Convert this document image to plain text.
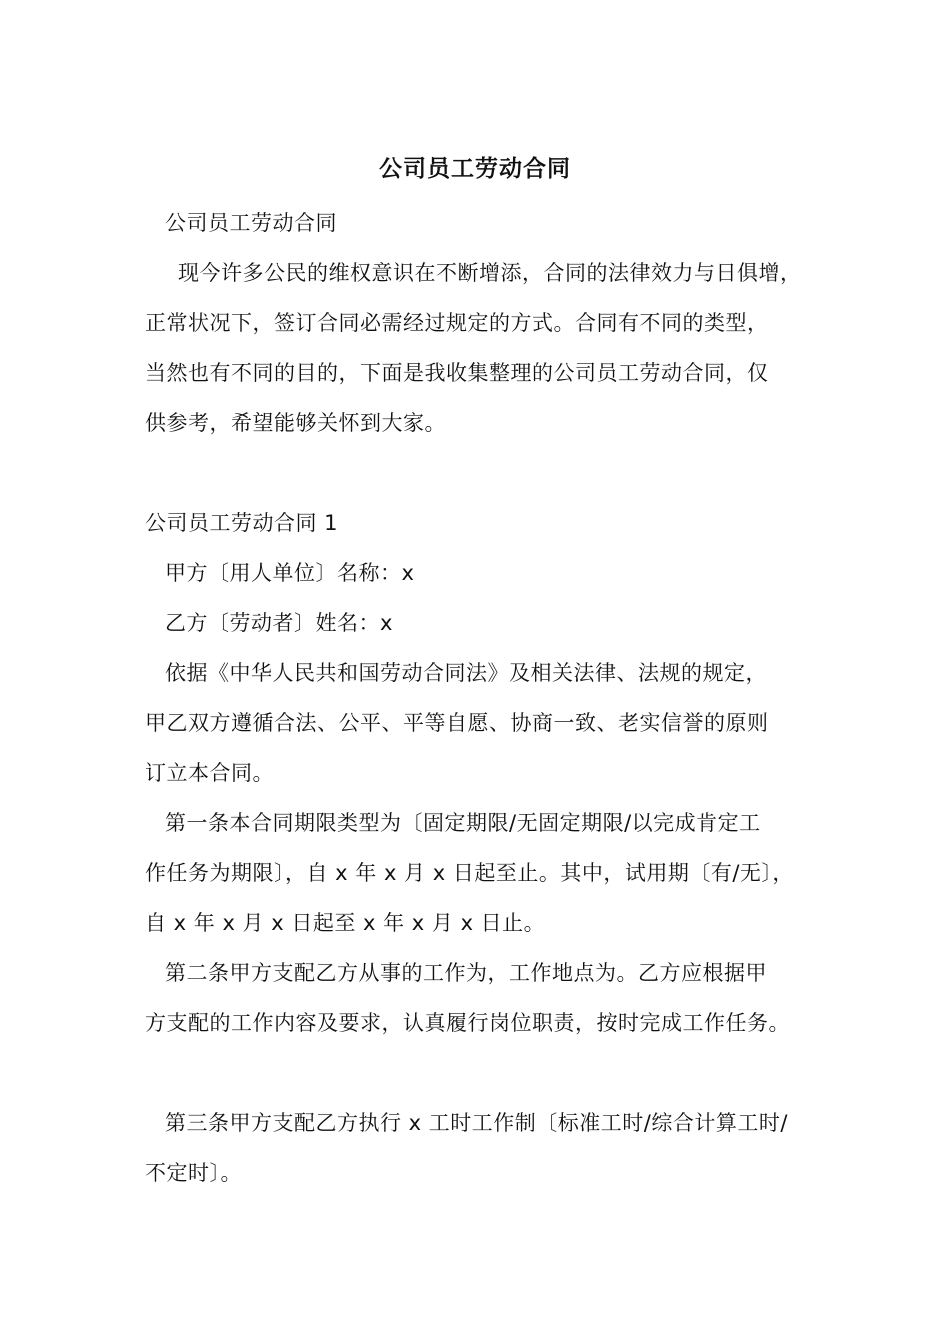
公司员工劳动合同

公司员工劳动合同

现今许多公民的维权意识在不断增添，合同的法律效力与日俱增，

正常状况下，签订合同必需经过规定的方式。合同有不同的类型，

当然也有不同的目的，下面是我收集整理的公司员工劳动合同，仅

供参考，希望能够关怀到大家。

公司员工劳动合同 1

甲方〔用人单位〕名称：x

乙方〔劳动者〕姓名：x

依据《中华人民共和国劳动合同法》及相关法律、法规的规定，

甲乙双方遵循合法、公平、平等自愿、协商一致、老实信誉的原则

订立本合同。

第一条本合同期限类型为〔固定期限/无固定期限/以完成肯定工

作任务为期限〕，自 x 年 x 月 x 日起至止。其中，试用期〔有/无〕，

自 x 年 x 月 x 日起至 x 年 x 月 x 日止。

第二条甲方支配乙方从事的工作为，工作地点为。乙方应根据甲

方支配的工作内容及要求，认真履行岗位职责，按时完成工作任务。

第三条甲方支配乙方执行 x 工时工作制〔标准工时/综合计算工时/

不定时〕。
